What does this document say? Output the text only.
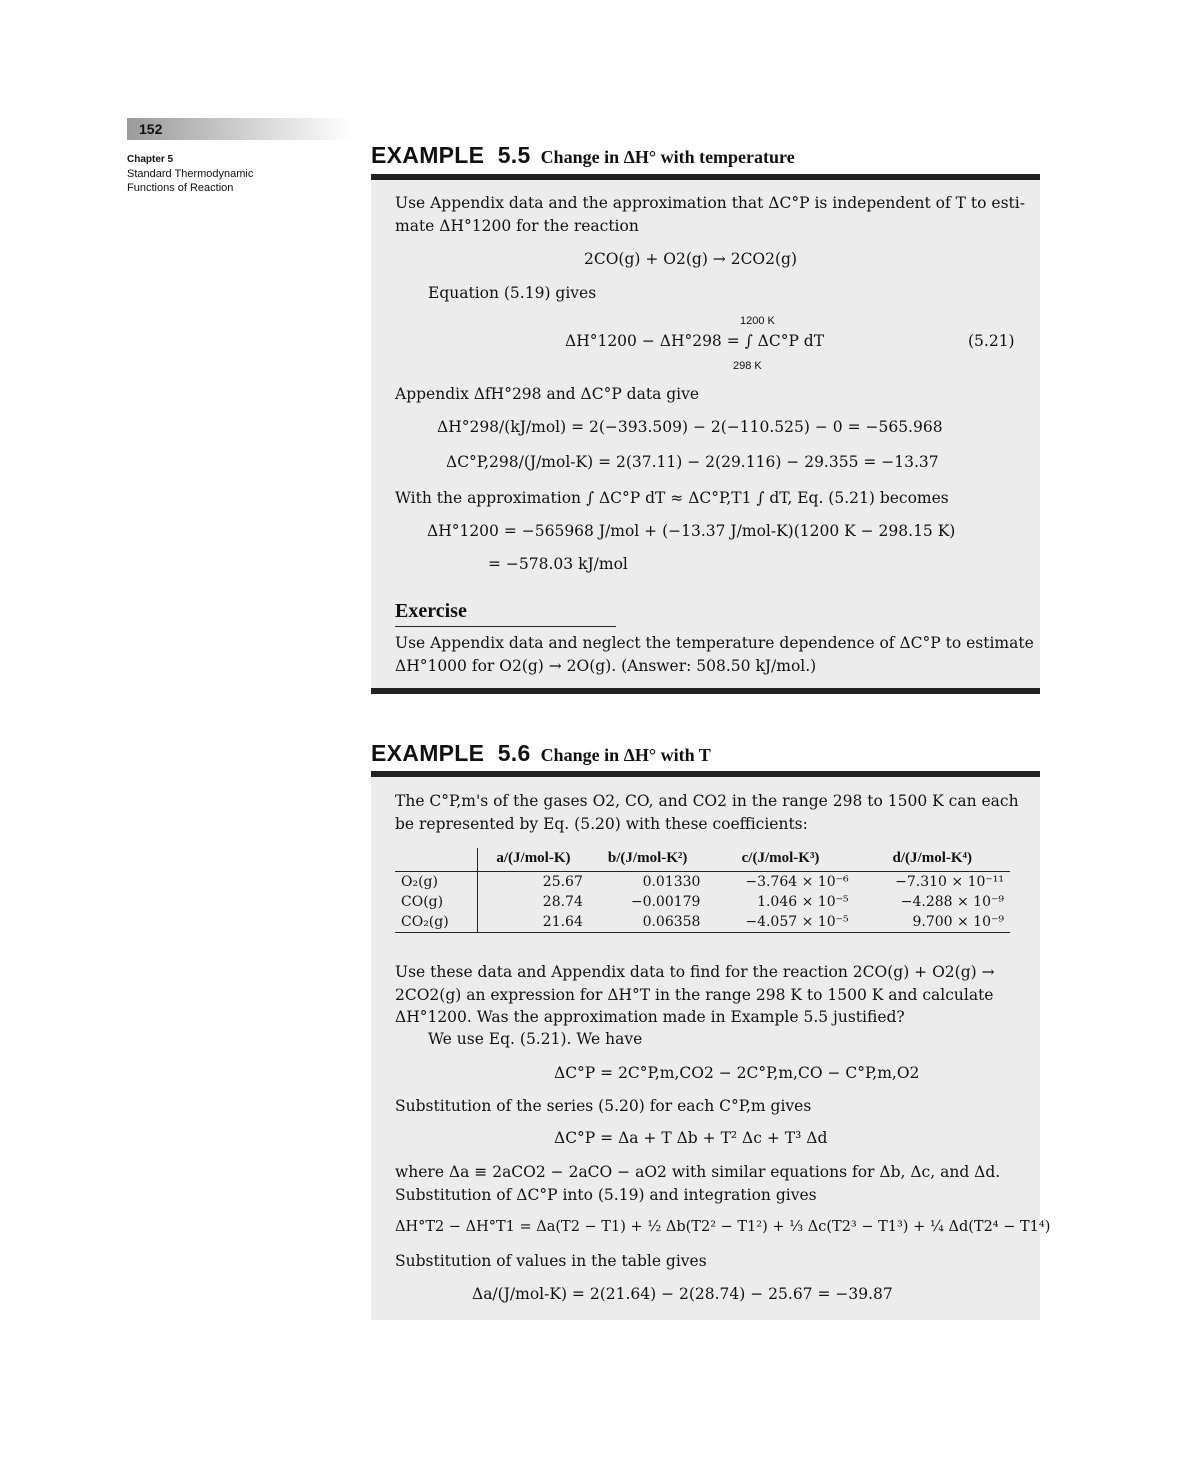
152
Chapter 5
Standard Thermodynamic
Functions of Reaction
EXAMPLE 5.5 Change in ΔH° with temperature
Use Appendix data and the approximation that ΔC°P is independent of T to esti-
mate ΔH°1200 for the reaction
2CO(g) + O2(g) → 2CO2(g)
Equation (5.19) gives
1200 K
ΔH°1200 − ΔH°298 = ∫ ΔC°P dT
298 K
(5.21)
Appendix ΔfH°298 and ΔC°P data give
ΔH°298/(kJ/mol) = 2(−393.509) − 2(−110.525) − 0 = −565.968
ΔC°P,298/(J/mol-K) = 2(37.11) − 2(29.116) − 29.355 = −13.37
With the approximation ∫ ΔC°P dT ≈ ΔC°P,T1 ∫ dT, Eq. (5.21) becomes
ΔH°1200 = −565968 J/mol + (−13.37 J/mol-K)(1200 K − 298.15 K)
= −578.03 kJ/mol
Exercise
Use Appendix data and neglect the temperature dependence of ΔC°P to estimate
ΔH°1000 for O2(g) → 2O(g). (Answer: 508.50 kJ/mol.)
EXAMPLE 5.6 Change in ΔH° with T
The C°P,m's of the gases O2, CO, and CO2 in the range 298 to 1500 K can each
be represented by Eq. (5.20) with these coefficients:
	a/(J/mol-K)	b/(J/mol-K²)	c/(J/mol-K³)	d/(J/mol-K⁴)
O₂(g)	25.67	0.01330	−3.764 × 10⁻⁶	−7.310 × 10⁻¹¹
CO(g)	28.74	−0.00179	1.046 × 10⁻⁵	−4.288 × 10⁻⁹
CO₂(g)	21.64	0.06358	−4.057 × 10⁻⁵	9.700 × 10⁻⁹
Use these data and Appendix data to find for the reaction 2CO(g) + O2(g) →
2CO2(g) an expression for ΔH°T in the range 298 K to 1500 K and calculate
ΔH°1200. Was the approximation made in Example 5.5 justified?
We use Eq. (5.21). We have
ΔC°P = 2C°P,m,CO2 − 2C°P,m,CO − C°P,m,O2
Substitution of the series (5.20) for each C°P,m gives
ΔC°P = Δa + T Δb + T² Δc + T³ Δd
where Δa ≡ 2aCO2 − 2aCO − aO2 with similar equations for Δb, Δc, and Δd.
Substitution of ΔC°P into (5.19) and integration gives
ΔH°T2 − ΔH°T1 = Δa(T2 − T1) + ½ Δb(T2² − T1²) + ⅓ Δc(T2³ − T1³) + ¼ Δd(T2⁴ − T1⁴)
Substitution of values in the table gives
Δa/(J/mol-K) = 2(21.64) − 2(28.74) − 25.67 = −39.87
